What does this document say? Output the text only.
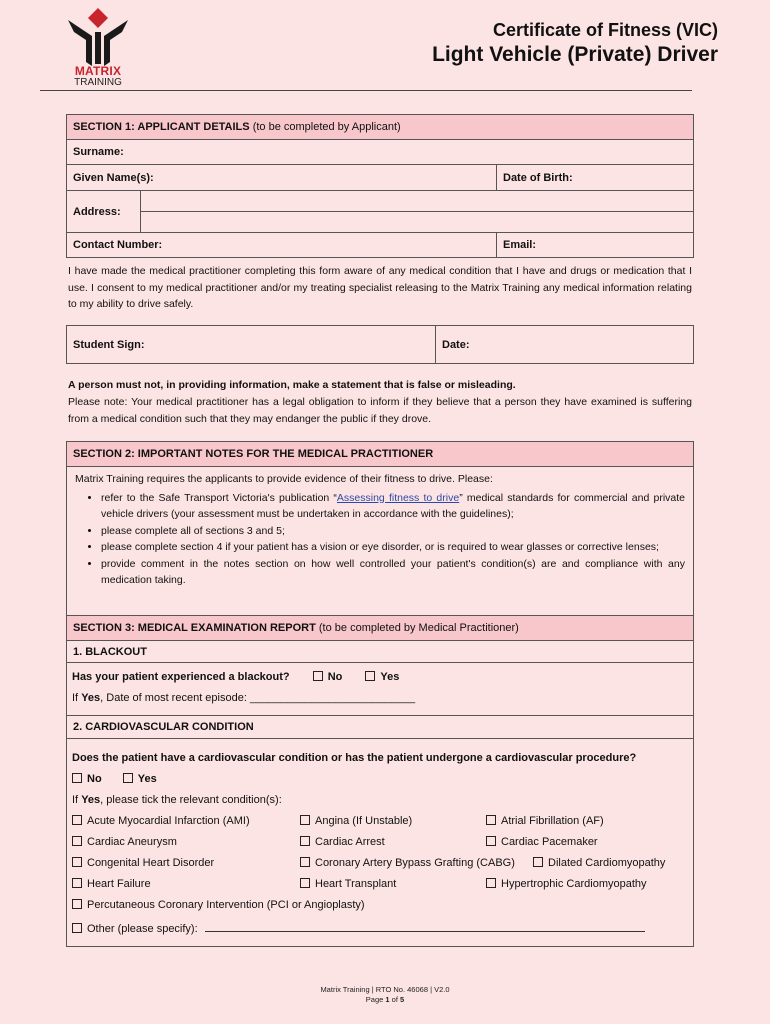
MATRIX
TRAINING
Certificate of Fitness (VIC)
Light Vehicle (Private) Driver
SECTION 1: APPLICANT DETAILS (to be completed by Applicant)		
Surname:		
Given Name(s):		Date of Birth:
Address:		

Contact Number:		Email:
I have made the medical practitioner completing this form aware of any medical condition that I have and drugs or medication that I use. I consent to my medical practitioner and/or my treating specialist releasing to the Matrix Training any medical information relating to my ability to drive safely.
Student Sign:	Date:
A person must not, in providing information, make a statement that is false or misleading.
Please note: Your medical practitioner has a legal obligation to inform if they believe that a person they have examined is suffering from a medical condition such that they may endanger the public if they drove.
SECTION 2: IMPORTANT NOTES FOR THE MEDICAL PRACTITIONER

Matrix Training requires the applicants to provide evidence of their fitness to drive. Please:
• refer to the Safe Transport Victoria's publication “Assessing fitness to drive” medical standards for commercial and private vehicle drivers (your assessment must be undertaken in accordance with the guidelines);
• please complete all of sections 3 and 5;
• please complete section 4 if your patient has a vision or eye disorder, or is required to wear glasses or corrective lenses;
• provide comment in the notes section on how well controlled your patient's condition(s) are and compliance with any medication taking.
SECTION 3: MEDICAL EXAMINATION REPORT (to be completed by Medical Practitioner)
1. BLACKOUT

2. CARDIOVASCULAR CONDITION

Has your patient experienced a blackout?	No	Yes
If Yes, Date of most recent episode: ___________________________
Does the patient have a cardiovascular condition or has the patient undergone a cardiovascular procedure?
No	Yes
If Yes, please tick the relevant condition(s):
Acute Myocardial Infarction (AMI)	Angina (If Unstable)	Atrial Fibrillation (AF)
Cardiac Aneurysm	Cardiac Arrest	Cardiac Pacemaker
Congenital Heart Disorder	Coronary Artery Bypass Grafting (CABG)	Dilated Cardiomyopathy
Heart Failure	Heart Transplant	Hypertrophic Cardiomyopathy
Percutaneous Coronary Intervention (PCI or Angioplasty)
Other (please specify):
Matrix Training | RTO No. 46068 | V2.0
Page 1 of 5
